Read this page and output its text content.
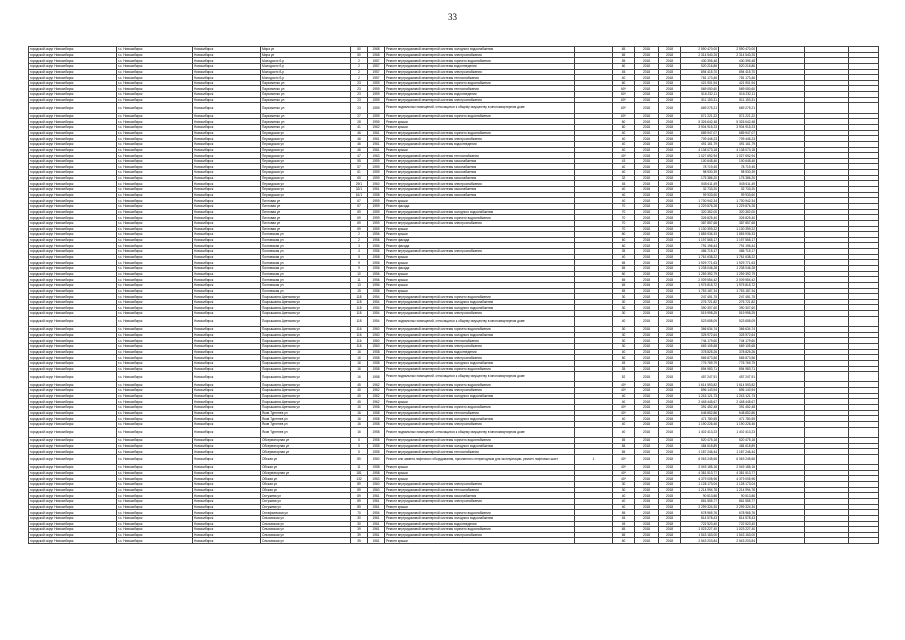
33
городской округ Новосибирск	г.о. Новосибирск	Новосибирск	Мира ул	50	1968	Ремонт внутридомовой инженерной системы холодного водоснабжения		65	2018	2018	2 590 470,00	2 590 470,00			
городской округ Новосибирск	г.о. Новосибирск	Новосибирск	Мира ул	50	1968	Ремонт внутридомовой инженерной системы электроснабжения		65	2018	2018	2 314 540,25	2 314 540,25			
городской округ Новосибирск	г.о. Новосибирск	Новосибирск	Молодости б-р	2	1957	Ремонт внутридомовой инженерной системы горячего водоснабжения		55	2018	2018	430 395,48	430 395,48			
городской округ Новосибирск	г.о. Новосибирск	Новосибирск	Молодости б-р	2	1957	Ремонт внутридомовой инженерной системы водоотведения		60	2018	2018	520 216,86	520 216,86			
городской округ Новосибирск	г.о. Новосибирск	Новосибирск	Молодости б-р	2	1957	Ремонт внутридомовой инженерной системы электроснабжения		45	2018	2018	894 415,70	894 415,70			
городской округ Новосибирск	г.о. Новосибирск	Новосибирск	Молодости б-р	2	1957	Ремонт внутридомовой инженерной системы теплоснабжения		40	2018	2018	781 173,46	781 173,46			
городской округ Новосибирск	г.о. Новосибирск	Новосибирск	Пархоменко ул	23	1959	Ремонт внутридомовой инженерной системы горячего водоснабжения		60	2018	2018	421 901,94	421 901,94			
городской округ Новосибирск	г.о. Новосибирск	Новосибирск	Пархоменко ул	23	1959	Ремонт внутридомовой инженерной системы теплоснабжения		60*	2018	2018	569 050,60	569 050,60			
городской округ Новосибирск	г.о. Новосибирск	Новосибирск	Пархоменко ул	23	1959	Ремонт внутридомовой инженерной системы водоотведения		60*	2018	2018	516 232,11	516 232,11			
городской округ Новосибирск	г.о. Новосибирск	Новосибирск	Пархоменко ул	23	1959	Ремонт внутридомовой инженерной системы электроснабжения		60*	2018	2018	511 153,31	511 153,31			
городской округ Новосибирск	г.о. Новосибирск	Новосибирск	Пархоменко ул	23	1959	Ремонт подвальных помещений, относящихся к общему имуществу в многоквартирном доме		60*	2018	2018	669 275,21	669 275,21			
городской округ Новосибирск	г.о. Новосибирск	Новосибирск	Пархоменко ул	27	1959	Ремонт внутридомовой инженерной системы горячего водоснабжения		60*	2018	2018	571 221,22	571 221,22			
городской округ Новосибирск	г.о. Новосибирск	Новосибирск	Пархоменко ул	28	1959	Ремонт крыши		60	2018	2018	5 326 642,48	5 326 642,48			
городской округ Новосибирск	г.о. Новосибирск	Новосибирск	Пархоменко ул	41	1962	Ремонт крыши		60	2018	2018	3 904 915,23	3 904 915,23			
городской округ Новосибирск	г.о. Новосибирск	Новосибирск	Персидская ул	46	1961	Ремонт внутридомовой инженерной системы горячего водоснабжения		40	2018	2018	689 947,07	689 947,07			
городской округ Новосибирск	г.о. Новосибирск	Новосибирск	Персидская ул	46	1961	Ремонт внутридомовой инженерной системы электроснабжения		40	2018	2018	709 446,23	709 446,23			
городской округ Новосибирск	г.о. Новосибирск	Новосибирск	Персидская ул	46	1961	Ремонт внутридомовой инженерной системы водоотведения		40	2018	2018	491 161,79	491 161,79			
городской округ Новосибирск	г.о. Новосибирск	Новосибирск	Персидская ул	46	1961	Ремонт крыши		40	2018	2018	4 138 073,18	4 138 073,18			
городской округ Новосибирск	г.о. Новосибирск	Новосибирск	Персидская ул	47	1963	Ремонт внутридомовой инженерной системы теплоснабжения		40*	2018	2018	1 027 692,94	1 027 692,94			
городской округ Новосибирск	г.о. Новосибирск	Новосибирск	Персидская ул	55	1959	Ремонт внутридомовой инженерной системы газоснабжения		43	2018	2018	100 648,46	100 648,46			
городской округ Новосибирск	г.о. Новосибирск	Новосибирск	Персидская ул	57	1959	Ремонт внутридомовой инженерной системы газоснабжения		40	2018	2018	78 719,45	78 719,45			
городской округ Новосибирск	г.о. Новосибирск	Новосибирск	Персидская ул	61	1959	Ремонт внутридомовой инженерной системы газоснабжения		40	2018	2018	98 930,39	98 930,39			
городской округ Новосибирск	г.о. Новосибирск	Новосибирск	Персидская ул	65	1959	Ремонт внутридомовой инженерной системы газоснабжения		32	2018	2018	175 386,20	175 386,20			
городской округ Новосибирск	г.о. Новосибирск	Новосибирск	Персидская ул	29/1	1960	Ремонт внутридомовой инженерной системы электроснабжения		45	2018	2018	545 611,49	545 611,49			
городской округ Новосибирск	г.о. Новосибирск	Новосибирск	Персидская ул	32/1	1961	Ремонт внутридомовой инженерной системы газоснабжения		40	2018	2018	32 733,20	32 733,20			
городской округ Новосибирск	г.о. Новосибирск	Новосибирск	Персидская ул	61/1	1958	Ремонт внутридомовой инженерной системы газоснабжения		40	2018	2018	99 933,60	99 933,60			
городской округ Новосибирск	г.о. Новосибирск	Новосибирск	Пихтовая ул	67	1959	Ремонт крыши		40	2018	2018	1 730 942,34	1 730 942,34			
городской округ Новосибирск	г.о. Новосибирск	Новосибирск	Пихтовая ул	67	1959	Ремонт фасада		70	2018	2018	1 229 876,28	1 229 876,28			
городской округ Новосибирск	г.о. Новосибирск	Новосибирск	Пихтовая ул	69	1959	Ремонт внутридомовой инженерной системы холодного водоснабжения		70	2018	2018	320 362,00	320 362,00			
городской округ Новосибирск	г.о. Новосибирск	Новосибирск	Пихтовая ул	69	1959	Ремонт внутридомовой инженерной системы горячего водоснабжения		70	2018	2018	326 825,40	326 825,40			
городской округ Новосибирск	г.о. Новосибирск	Новосибирск	Пихтовая ул	69	1959	Ремонт внутридомовой инженерной системы электроснабжения		70	2018	2018	387 857,68	387 857,68			
городской округ Новосибирск	г.о. Новосибирск	Новосибирск	Пихтовая ул	69	1959	Ремонт крыши		70	2018	2018	1 130 399,22	1 130 399,22			
городской округ Новосибирск	г.о. Новосибирск	Новосибирск	Полтавская ул	2	1956	Ремонт крыши		60	2018	2018	1 855 936,33	1 855 936,33			
городской округ Новосибирск	г.о. Новосибирск	Новосибирск	Полтавская ул	2	1956	Ремонт фасада		60	2018	2018	1 197 565,17	1 197 565,17			
городской округ Новосибирск	г.о. Новосибирск	Новосибирск	Полтавская ул	3	1956	Ремонт фасада		60	2018	2018	791 196,44	791 196,44			
городской округ Новосибирск	г.о. Новосибирск	Новосибирск	Полтавская ул	4	1956	Ремонт внутридомовой инженерной системы электроснабжения		35	2018	2018	486 715,17	486 715,17			
городской округ Новосибирск	г.о. Новосибирск	Новосибирск	Полтавская ул	5	1958	Ремонт крыши		40	2018	2018	1 761 638,22	1 761 638,22			
городской округ Новосибирск	г.о. Новосибирск	Новосибирск	Полтавская ул	9	1956	Ремонт крыши		65	2018	2018	1 929 771,63	1 929 771,63			
городской округ Новосибирск	г.о. Новосибирск	Новосибирск	Полтавская ул	9	1956	Ремонт фасада		65	2018	2018	1 238 046,28	1 238 046,28			
городской округ Новосибирск	г.о. Новосибирск	Новосибирск	Полтавская ул	10	1956	Ремонт крыши		60	2018	2018	1 259 392,79	1 259 392,79			
городской округ Новосибирск	г.о. Новосибирск	Новосибирск	Полтавская ул	11	1956	Ремонт крыши		65	2018	2018	2 009 554,42	2 009 554,42			
городской округ Новосибирск	г.о. Новосибирск	Новосибирск	Полтавская ул	13	1956	Ремонт крыши		65	2018	2018	1 975 815,72	1 975 815,72			
городской округ Новосибирск	г.о. Новосибирск	Новосибирск	Полтавская ул	15	1958	Ремонт крыши		65	2018	2018	1 753 187,34	1 753 187,34			
городской округ Новосибирск	г.о. Новосибирск	Новосибирск	Покрышкина-Цветкова ул	118	1954	Ремонт внутридомовой инженерной системы горячего водоснабжения		30	2018	2018	247 451,75	247 451,75			
городской округ Новосибирск	г.о. Новосибирск	Новосибирск	Покрышкина-Цветкова ул	118	1954	Ремонт внутридомовой инженерной системы холодного водоснабжения		30	2018	2018	276 721,82	276 721,82			
городской округ Новосибирск	г.о. Новосибирск	Новосибирск	Покрышкина-Цветкова ул	118	1954	Ремонт внутридомовой инженерной системы холодного водоснабжения		30	2018	2018	390 307,60	390 307,60			
городской округ Новосибирск	г.о. Новосибирск	Новосибирск	Покрышкина-Цветкова ул	118	1954	Ремонт внутридомовой инженерной системы электроснабжения		30	2018	2018	519 998,25	519 998,25			
городской округ Новосибирск	г.о. Новосибирск	Новосибирск	Покрышкина-Цветкова ул	118	1954	Ремонт подвальных помещений, относящихся к общему имуществу в многоквартирном доме		40	2018	2018	523 658,09	523 658,09			
городской округ Новосибирск	г.о. Новосибирск	Новосибирск	Покрышкина-Цветкова ул	116	1960	Ремонт внутридомовой инженерной системы горячего водоснабжения		30	2018	2018	366 634,74	366 634,74			
городской округ Новосибирск	г.о. Новосибирск	Новосибирск	Покрышкина-Цветкова ул	116	1960	Ремонт внутридомовой инженерной системы холодного водоснабжения		30	2018	2018	325 972,64	325 972,64			
городской округ Новосибирск	г.о. Новосибирск	Новосибирск	Покрышкина-Цветкова ул	116	1960	Ремонт внутридомовой инженерной системы теплоснабжения		30	2018	2018	744 179,60	744 179,60			
городской округ Новосибирск	г.о. Новосибирск	Новосибирск	Покрышкина-Цветкова ул	116	1960	Ремонт внутридомовой инженерной системы электроснабжения		30	2018	2018	669 105,68	669 105,68			
городской округ Новосибирск	г.о. Новосибирск	Новосибирск	Покрышкина-Цветкова ул	16	1958	Ремонт внутридомовой инженерной системы водоотведения		40	2018	2018	378 825,26	378 825,26			
городской округ Новосибирск	г.о. Новосибирск	Новосибирск	Покрышкина-Цветкова ул	16	1958	Ремонт внутридомовой инженерной системы электроснабжения		50	2018	2018	565 873,56	565 873,56			
городской округ Новосибирск	г.о. Новосибирск	Новосибирск	Покрышкина-Цветкова ул	16	1958	Ремонт внутридомовой инженерной системы холодного водоснабжения		45	2018	2018	776 769,79	776 769,79			
городской округ Новосибирск	г.о. Новосибирск	Новосибирск	Покрышкина-Цветкова ул	16	1958	Ремонт внутридомовой инженерной системы горячего водоснабжения		35	2018	2018	894 983,71	894 983,71			
городской округ Новосибирск	г.о. Новосибирск	Новосибирск	Покрышкина-Цветкова ул	16	1958	Ремонт подвальных помещений, относящихся к общему имуществу в многоквартирном доме		52	2018	2018	457 247,91	457 247,91			
городской округ Новосибирск	г.о. Новосибирск	Новосибирск	Покрышкина-Цветкова ул	45	1962	Ремонт внутридомовой инженерной системы горячего водоснабжения		40*	2018	2018	1 614 593,82	1 614 593,82			
городской округ Новосибирск	г.о. Новосибирск	Новосибирск	Покрышкина-Цветкова ул	45	1962	Ремонт внутридомовой инженерной системы электроснабжения		40*	2018	2018	896 143,94	896 143,94			
городской округ Новосибирск	г.о. Новосибирск	Новосибирск	Покрышкина-Цветкова ул	45	1962	Ремонт внутридомовой инженерной системы холодного водоснабжения		40	2018	2018	1 243 121,73	1 243 121,73			
городской округ Новосибирск	г.о. Новосибирск	Новосибирск	Покрышкина-Цветкова ул	45	1962	Ремонт крыши		40	2018	2018	2 448 445,67	2 448 445,67			
городской округ Новосибирск	г.о. Новосибирск	Новосибирск	Покрышкина-Цветкова ул	16	1958	Ремонт внутридомовой инженерной системы горячего водоснабжения		40*	2018	2018	391 452,48	391 452,48			
городской округ Новосибирск	г.о. Новосибирск	Новосибирск	Яков Тургенев ул	16	1958	Ремонт внутридомовой инженерной системы теплоснабжения		40*	2018	2018	648 852,86	648 852,86			
городской округ Новосибирск	г.о. Новосибирск	Новосибирск	Яков Тургенев ул	16	1958	Ремонт внутридомовой инженерной системы холодного водоснабжения		40	2018	2018	471 780,59	471 780,59			
городской округ Новосибирск	г.о. Новосибирск	Новосибирск	Яков Тургенев ул	16	1958	Ремонт внутридомовой инженерной системы электроснабжения		40	2018	2018	1 190 226,46	1 190 226,46			
городской округ Новосибирск	г.о. Новосибирск	Новосибирск	Яков Тургенев ул	16	1958	Ремонт подвальных помещений, относящихся к общему имуществу в многоквартирном доме		40	2018	2018	1 402 413,23	1 402 413,23			
городской округ Новосибирск	г.о. Новосибирск	Новосибирск	Обсерваторная ул	5	1955	Ремонт внутридомовой инженерной системы горячего водоснабжения		65	2018	2018	520 475,18	520 475,18			
городской округ Новосибирск	г.о. Новосибирск	Новосибирск	Обсерваторная ул	5	1955	Ремонт внутридомовой инженерной системы холодного водоснабжения		65	2018	2018	484 618,89	484 618,89			
городской округ Новосибирск	г.о. Новосибирск	Новосибирск	Обсерваторная ул	5	1955	Ремонт внутридомовой инженерной системы теплоснабжения		65	2018	2018	1 187 246,44	1 187 246,44			
городской округ Новосибирск	г.о. Новосибирск	Новосибирск	Обская ул	89	1960	Ремонт или замена лифтового оборудования, признанного непригодным для эксплуатации, ремонт лифтовых шахт	1	40*	2018	2018	6 063 245,66	6 063 245,66			
городской округ Новосибирск	г.о. Новосибирск	Новосибирск	Обская ул	11	1958	Ремонт крыши		40*	2018	2018	2 049 185,16	2 049 185,16			
городской округ Новосибирск	г.о. Новосибирск	Новосибирск	Обсерваторная ул	181	1958	Ремонт крыши		40*	2018	2018	4 381 513,77	4 381 513,77			
городской округ Новосибирск	г.о. Новосибирск	Новосибирск	Обская ул	132	1963	Ремонт крыши		40*	2018	2018	4 379 005,96	4 379 005,96			
городской округ Новосибирск	г.о. Новосибирск	Новосибирск	Обская ул	89	1960	Ремонт внутридомовой инженерной системы электроснабжения		30	2018	2018	1 128 173,04	1 128 173,04			
городской округ Новосибирск	г.о. Новосибирск	Новосибирск	Обская ул	89	1960	Ремонт внутридомовой инженерной системы теплоснабжения		30	2018	2018	1 214 994,78	1 214 994,78			
городской округ Новосибирск	г.о. Новосибирск	Новосибирск	Остужева ул	89	1961	Ремонт внутридомовой инженерной системы газоснабжения		40	2018	2018	90 513,86	90 513,86			
городской округ Новосибирск	г.о. Новосибирск	Новосибирск	Остужева ул	89	1961	Ремонт внутридомовой инженерной системы электроснабжения		40	2018	2018	861 555,77	861 555,77			
городской округ Новосибирск	г.о. Новосибирск	Новосибирск	Остужева ул	89	1961	Ремонт крыши		40	2018	2018	2 299 324,30	2 299 324,30			
городской округ Новосибирск	г.о. Новосибирск	Новосибирск	Остафьевская ул	70	1954	Ремонт внутридомовой инженерной системы горячего водоснабжения		65	2018	2018	678 965,76	678 965,76			
городской округ Новосибирск	г.о. Новосибирск	Новосибирск	Ольховская ул	30	1961	Ремонт внутридомовой инженерной системы холодного водоснабжения		45	2018	2018	814 578,43	814 578,43			
городской округ Новосибирск	г.о. Новосибирск	Новосибирск	Ольховская ул	30	1961	Ремонт внутридомовой инженерной системы водоотведения		45	2018	2018	722 523,40	722 523,40			
городской округ Новосибирск	г.о. Новосибирск	Новосибирск	Ольховская ул	39	1961	Ремонт внутридомовой инженерной системы горячего водоснабжения		65	2018	2018	1 023 227,40	1 023 227,40			
городской округ Новосибирск	г.о. Новосибирск	Новосибирск	Ольховская ул	39	1961	Ремонт внутридомовой инженерной системы электроснабжения		65	2018	2018	1 543 163,00	1 543 163,00			
городской округ Новосибирск	г.о. Новосибирск	Новосибирск	Ольховская ул	39	1961	Ремонт крыши		60	2018	2018	2 543 203,84	2 543 203,84			
